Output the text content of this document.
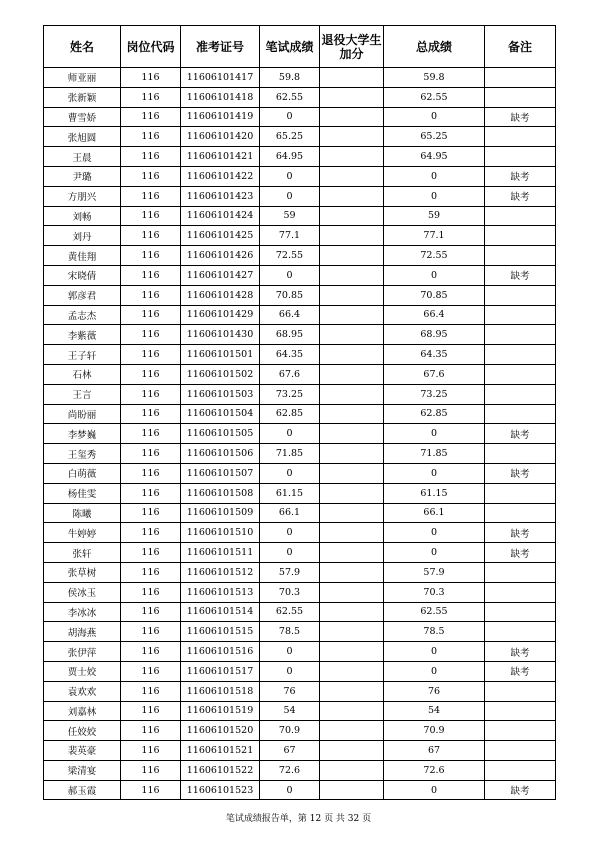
姓名	岗位代码	准考证号	笔试成绩	退役大学生加分	总成绩	备注
师亚丽	116	11606101417	59.8		59.8	
张新颖	116	11606101418	62.55		62.55	
曹雪娇	116	11606101419	0		0	缺考
张旭圆	116	11606101420	65.25		65.25	
王晨	116	11606101421	64.95		64.95	
尹璐	116	11606101422	0		0	缺考
方朋兴	116	11606101423	0		0	缺考
刘畅	116	11606101424	59		59	
刘丹	116	11606101425	77.1		77.1	
黄佳翔	116	11606101426	72.55		72.55	
宋晓倩	116	11606101427	0		0	缺考
郭彦君	116	11606101428	70.85		70.85	
孟志杰	116	11606101429	66.4		66.4	
李紫薇	116	11606101430	68.95		68.95	
王子轩	116	11606101501	64.35		64.35	
石林	116	11606101502	67.6		67.6	
王言	116	11606101503	73.25		73.25	
尚盼丽	116	11606101504	62.85		62.85	
李梦巍	116	11606101505	0		0	缺考
王玺秀	116	11606101506	71.85		71.85	
白萌薇	116	11606101507	0		0	缺考
杨佳雯	116	11606101508	61.15		61.15	
陈曦	116	11606101509	66.1		66.1	
牛婷婷	116	11606101510	0		0	缺考
张轩	116	11606101511	0		0	缺考
张草树	116	11606101512	57.9		57.9	
侯冰玉	116	11606101513	70.3		70.3	
李冰冰	116	11606101514	62.55		62.55	
胡海燕	116	11606101515	78.5		78.5	
张伊萍	116	11606101516	0		0	缺考
贾士姣	116	11606101517	0		0	缺考
袁欢欢	116	11606101518	76		76	
刘嘉林	116	11606101519	54		54	
任姣姣	116	11606101520	70.9		70.9	
裴英豪	116	11606101521	67		67	
梁清宴	116	11606101522	72.6		72.6	
郝玉霞	116	11606101523	0		0	缺考
笔试成绩报告单，第 12 页 共 32 页
